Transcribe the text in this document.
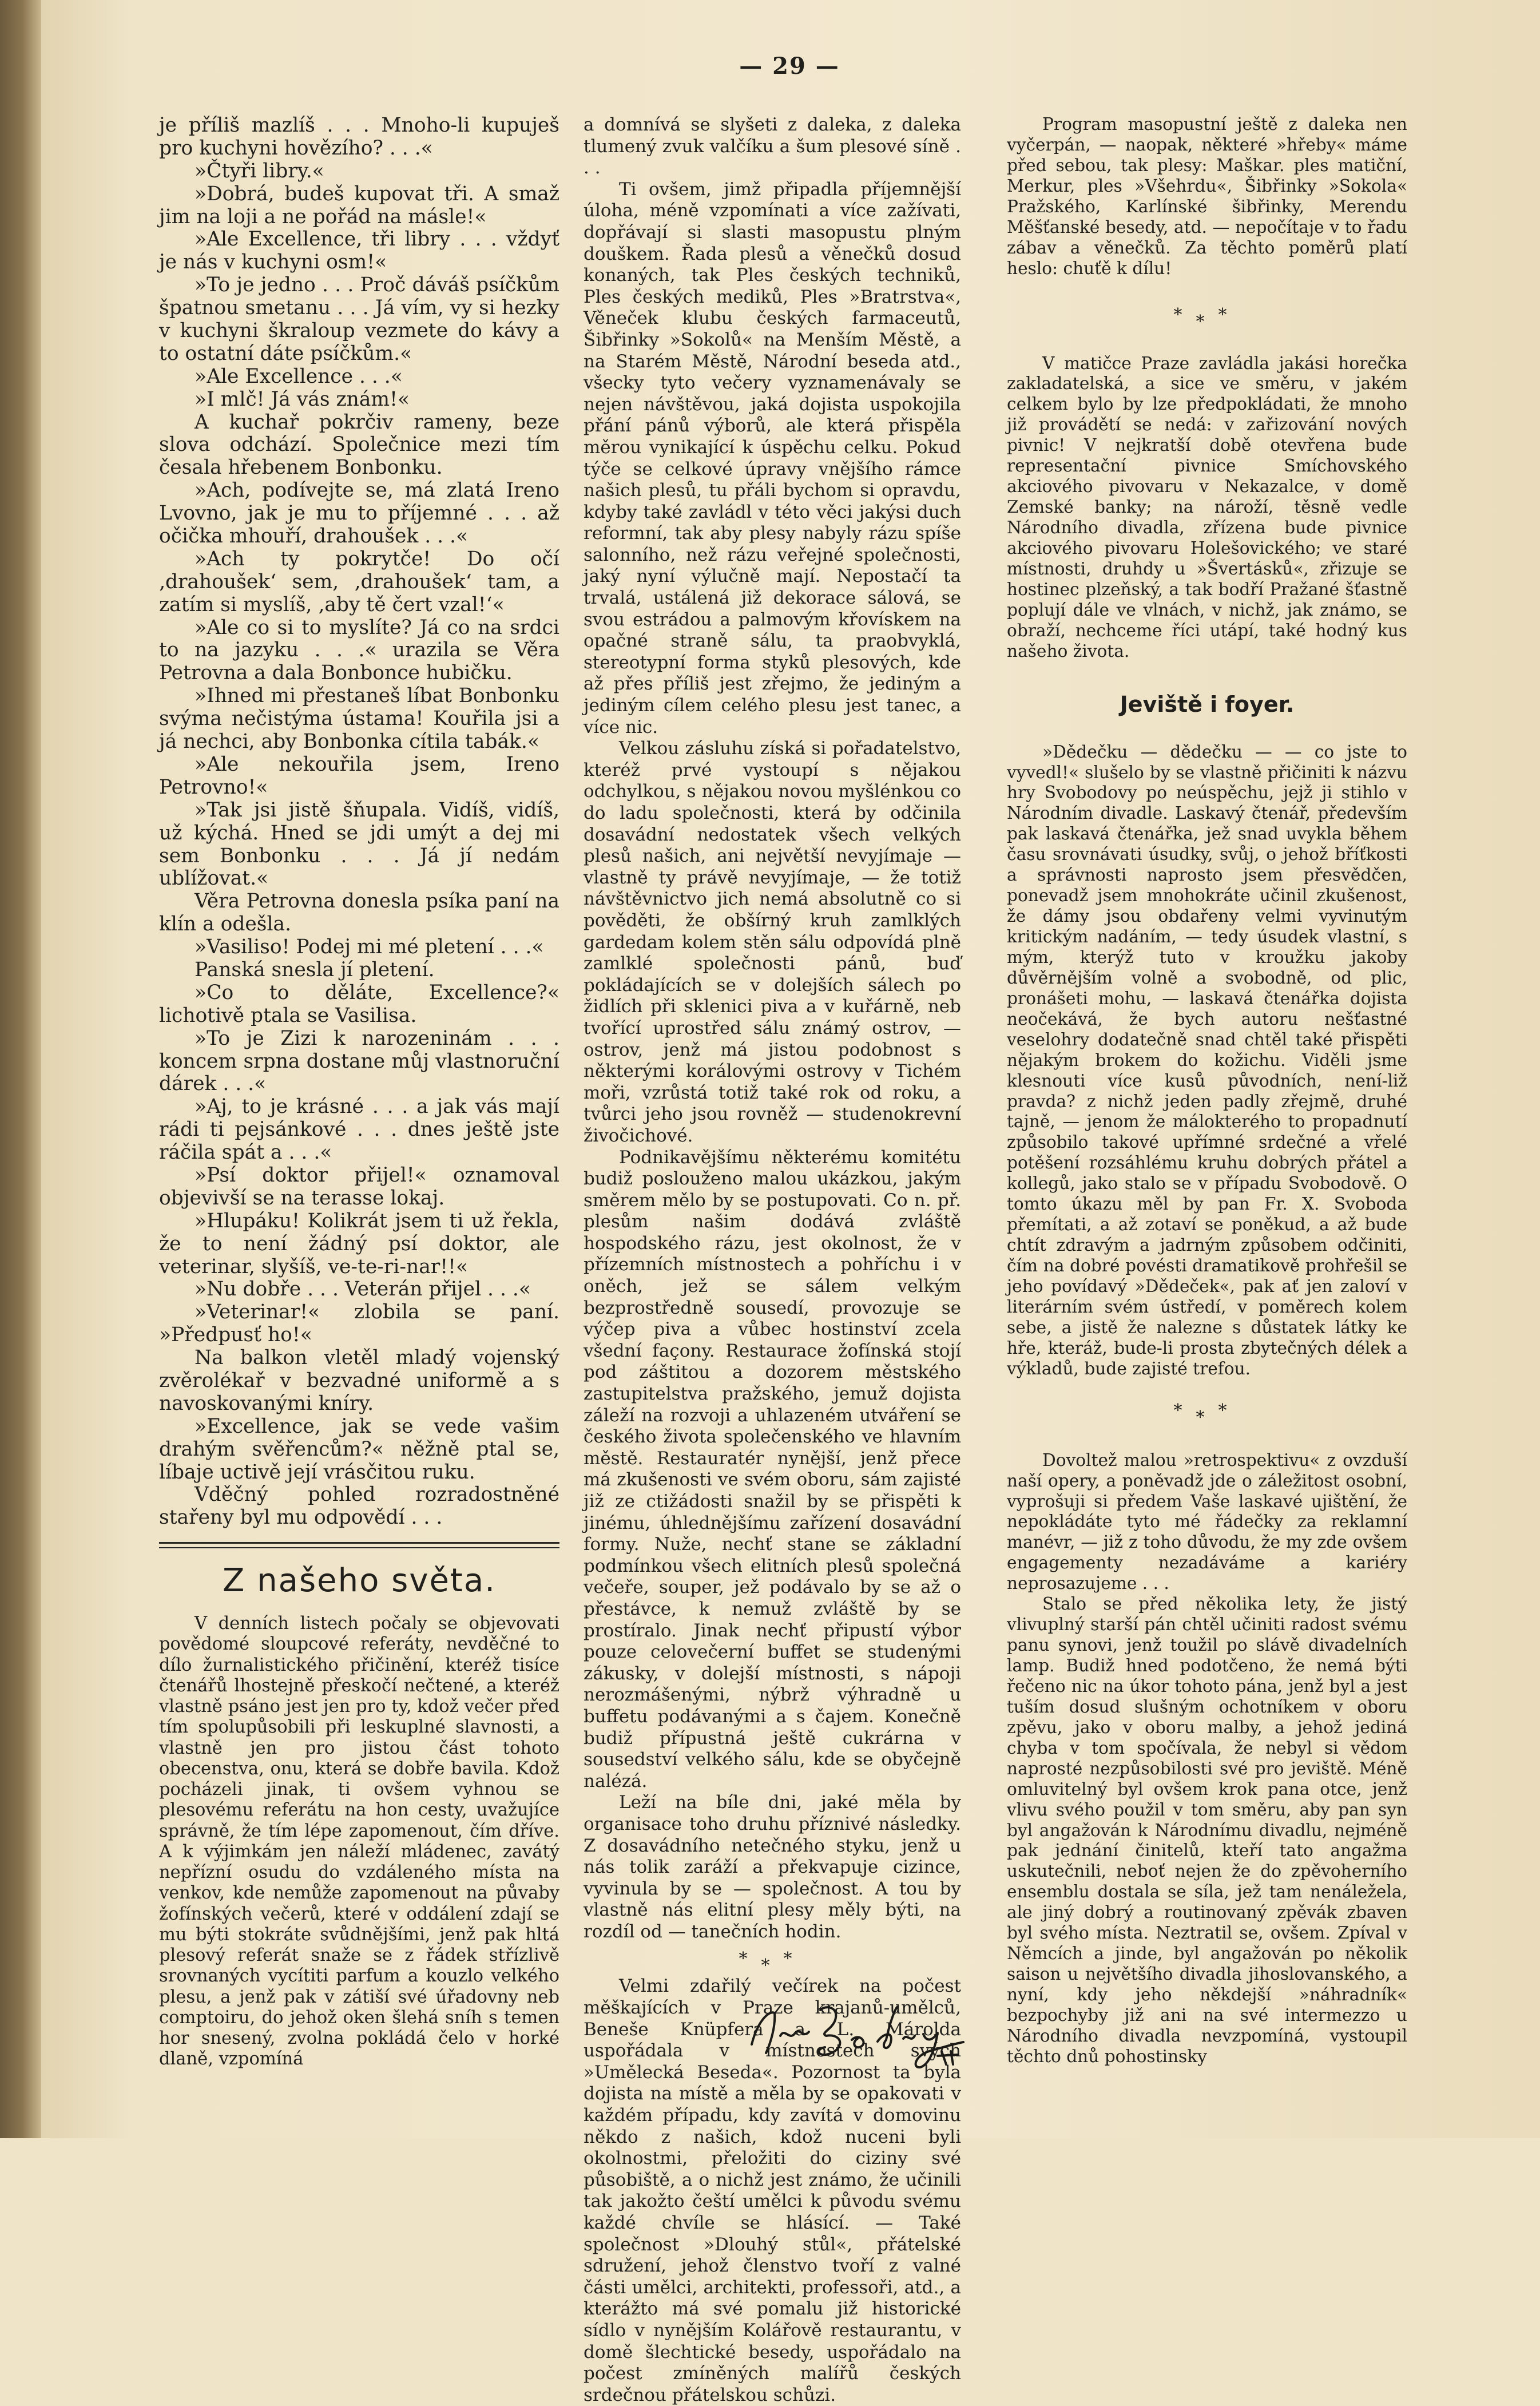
— 29 —

je příliš mazlíš . . . Mnoho-li kupuješ pro kuchyni hovězího? . . .«

»Čtyři libry.«

»Dobrá, budeš kupovat tři. A smaž jim na loji a ne pořád na másle!«

»Ale Excellence, tři libry . . . vždyť je nás v kuchyni osm!«

»To je jedno . . . Proč dáváš psíčkům špatnou smetanu . . . Já vím, vy si hezky v kuchyni škraloup vezmete do kávy a to ostatní dáte psíčkům.«

»Ale Excellence . . .«

»I mlč! Já vás znám!«

A kuchař pokrčiv rameny, beze slova odchází. Společnice mezi tím česala hřebenem Bonbonku.

»Ach, podívejte se, má zlatá Ireno Lvovno, jak je mu to příjemné . . . až očička mhouří, drahoušek . . .«

»Ach ty pokrytče! Do očí ‚drahoušek‘ sem, ‚drahoušek‘ tam, a zatím si myslíš, ‚aby tě čert vzal!‘«

»Ale co si to myslíte? Já co na srdci to na jazyku . . .« urazila se Věra Petrovna a dala Bonbonce hubičku.

»Ihned mi přestaneš líbat Bonbonku svýma nečistýma ústama! Kouřila jsi a já nechci, aby Bonbonka cítila tabák.«

»Ale nekouřila jsem, Ireno Petrovno!«

»Tak jsi jistě šňupala. Vidíš, vidíš, už kýchá. Hned se jdi umýt a dej mi sem Bonbonku . . . Já jí nedám ublížovat.«

Věra Petrovna donesla psíka paní na klín a odešla.

»Vasiliso! Podej mi mé pletení . . .«

Panská snesla jí pletení.

»Co to děláte, Excellence?« lichotivě ptala se Vasilisa.

»To je Zizi k narozeninám . . . koncem srpna dostane můj vlastnoruční dárek . . .«

»Aj, to je krásné . . . a jak vás mají rádi ti pejsánkové . . . dnes ještě jste ráčila spát a . . .«

»Psí doktor přijel!« oznamoval objevivší se na terasse lokaj.

»Hlupáku! Kolikrát jsem ti už řekla, že to není žádný psí doktor, ale veterinar, slyšíš, ve-te-ri-nar!!«

»Nu dobře . . . Veterán přijel . . .«

»Veterinar!« zlobila se paní. »Předpusť ho!«

Na balkon vletěl mladý vojenský zvěrolékař v bezvadné uniformě a s navoskovanými kníry.

»Excellence, jak se vede vašim drahým svěřencům?« něžně ptal se, líbaje uctivě její vrásčitou ruku.

Vděčný pohled rozradostněné stařeny byl mu odpovědí . . .

Z našeho světa.

V denních listech počaly se objevovati povědomé sloupcové referáty, nevděčné to dílo žurnalistického přičinění, kteréž tisíce čtenářů lhostejně přeskočí nečtené, a kteréž vlastně psáno jest jen pro ty, kdož večer před tím spolupůsobili při leskuplné slavnosti, a vlastně jen pro jistou část tohoto obecenstva, onu, která se dobře bavila. Kdož pocházeli jinak, ti ovšem vyhnou se plesovému referátu na hon cesty, uvažujíce správně, že tím lépe zapomenout, čím dříve. A k výjimkám jen náleží mládenec, zavátý nepřízní osudu do vzdáleného místa na venkov, kde nemůže zapomenout na půvaby žofínských večerů, které v oddálení zdají se mu býti stokráte svůdnějšími, jenž pak hltá plesový referát snaže se z řádek střízlivě srovnaných vycítiti parfum a kouzlo velkého plesu, a jenž pak v zátiší své úřadovny neb comptoiru, do jehož oken šlehá sníh s temen hor snesený, zvolna pokládá čelo v horké dlaně, vzpomíná

a domnívá se slyšeti z daleka, z daleka tlumený zvuk valčíku a šum plesové síně . . .

Ti ovšem, jimž připadla příjemnější úloha, méně vzpomínati a více zažívati, dopřávají si slasti masopustu plným douškem. Řada plesů a věnečků dosud konaných, tak Ples českých techniků, Ples českých mediků, Ples »Bratrstva«, Věneček klubu českých farmaceutů, Šibřinky »Sokolů« na Menším Městě, a na Starém Městě, Národní beseda atd., všecky tyto večery vyznamenávaly se nejen návštěvou, jaká dojista uspokojila přání pánů výborů, ale která přispěla měrou vynikající k úspěchu celku. Pokud týče se celkové úpravy vnějšího rámce našich plesů, tu přáli bychom si opravdu, kdyby také zavládl v této věci jakýsi duch reformní, tak aby plesy nabyly rázu spíše salonního, než rázu veřejné společnosti, jaký nyní výlučně mají. Nepostačí ta trvalá, ustálená již dekorace sálová, se svou estrádou a palmovým křovískem na opačné straně sálu, ta praobvyklá, stereotypní forma styků plesových, kde až přes příliš jest zřejmo, že jediným a jediným cílem celého plesu jest tanec, a více nic.

Velkou zásluhu získá si pořadatelstvo, kteréž prvé vystoupí s nějakou odchylkou, s nějakou novou myšlénkou co do ladu společnosti, která by odčinila dosavádní nedostatek všech velkých plesů našich, ani největší nevyjímaje — vlastně ty právě nevyjímaje, — že totiž návštěvnictvo jich nemá absolutně co si pověděti, že obšírný kruh zamlklých gardedam kolem stěn sálu odpovídá plně zamlklé společnosti pánů, buď pokládajících se v dolejších sálech po židlích při sklenici piva a v kuřárně, neb tvořící uprostřed sálu známý ostrov, — ostrov, jenž má jistou podobnost s některými korálovými ostrovy v Tichém moři, vzrůstá totiž také rok od roku, a tvůrci jeho jsou rovněž — studenokrevní živočichové.

Podnikavějšímu některému komitétu budiž poslouženo malou ukázkou, jakým směrem mělo by se postupovati. Co n. př. plesům našim dodává zvláště hospodského rázu, jest okolnost, že v přízemních místnostech a pohříchu i v oněch, jež se sálem velkým bezprostředně sousedí, provozuje se výčep piva a vůbec hostinství zcela všední façony. Restaurace žofínská stojí pod záštitou a dozorem městského zastupitelstva pražského, jemuž dojista záleží na rozvoji a uhlazeném utváření se českého života společenského ve hlavním městě. Restauratér nynější, jenž přece má zkušenosti ve svém oboru, sám zajisté již ze ctižádosti snažil by se přispěti k jinému, úhlednějšímu zařízení dosavádní formy. Nuže, nechť stane se základní podmínkou všech elitních plesů společná večeře, souper, jež podávalo by se až o přestávce, k nemuž zvláště by se prostíralo. Jinak nechť připustí výbor pouze celovečerní buffet se studenými zákusky, v dolejší místnosti, s nápoji nerozmášenými, nýbrž výhradně u buffetu podávanými a s čajem. Konečně budiž přípustná ještě cukrárna v sousedství velkého sálu, kde se obyčejně nalézá.

Leží na bíle dni, jaké měla by organisace toho druhu příznivé následky. Z dosavádního netečného styku, jenž u nás tolik zaráží a překvapuje cizince, vyvinula by se — společnost. A tou by vlastně nás elitní plesy měly býti, na rozdíl od — tanečních hodin.

***

Velmi zdařilý večírek na počest měškajících v Praze krajanů-umělců, Beneše Knüpfera a L. Márolda uspořádala v místnostech svých »Umělecká Beseda«. Pozornost ta byla dojista na místě a měla by se opakovati v každém případu, kdy zavítá v domovinu někdo z našich, kdož nuceni byli okolnostmi, přeložiti do ciziny své působiště, a o nichž jest známo, že učinili tak jakožto čeští umělci k původu svému každé chvíle se hlásící. — Také společnost »Dlouhý stůl«, přátelské sdružení, jehož členstvo tvoří z valné části umělci, architekti, professoři, atd., a kterážto má své pomalu již historické sídlo v nynějším Kolářově restaurantu, v domě šlechtické besedy, uspořádalo na počest zmíněných malířů českých srdečnou přátelskou schůzi.

Program masopustní ještě z daleka nen vyčerpán, — naopak, některé »hřeby« máme před sebou, tak plesy: Maškar. ples matiční, Merkur, ples »Všehrdu«, Šibřinky »Sokola« Pražského, Karlínské šibřinky, Merendu Měšťanské besedy, atd. — nepočítaje v to řadu zábav a věnečků. Za těchto poměrů platí heslo: chuťě k dílu!

***

V matičce Praze zavládla jakási horečka zakladatelská, a sice ve směru, v jakém celkem bylo by lze předpokládati, že mnoho již provádětí se nedá: v zařizování nových pivnic! V nejkratší době otevřena bude representační pivnice Smíchovského akciového pivovaru v Nekazalce, v domě Zemské banky; na nároží, těsně vedle Národního divadla, zřízena bude pivnice akciového pivovaru Holešovického; ve staré místnosti, druhdy u »Švertásků«, zřizuje se hostinec plzeňský, a tak bodří Pražané šťastně poplují dále ve vlnách, v nichž, jak známo, se obraží, nechceme říci utápí, také hodný kus našeho života.

Jeviště i foyer.

»Dědečku — dědečku — — co jste to vyvedl!« slušelo by se vlastně přičiniti k názvu hry Svobodovy po neúspěchu, jejž ji stihlo v Národním divadle. Laskavý čtenář, především pak laskavá čtenářka, jež snad uvykla během času srovnávati úsudky, svůj, o jehož bříťkosti a správnosti naprosto jsem přesvědčen, ponevadž jsem mnohokráte učinil zkušenost, že dámy jsou obdařeny velmi vyvinutým kritickým nadáním, — tedy úsudek vlastní, s mým, kterýž tuto v kroužku jakoby důvěrnějším volně a svobodně, od plic, pronášeti mohu, — laskavá čtenářka dojista neočekává, že bych autoru nešťastné veselohry dodatečně snad chtěl také přispěti nějakým brokem do kožichu. Viděli jsme klesnouti více kusů původních, není-liž pravda? z nichž jeden padly zřejmě, druhé tajně, — jenom že málokterého to propadnutí způsobilo takové upřímné srdečné a vřelé potěšení rozsáhlému kruhu dobrých přátel a kollegů, jako stalo se v případu Svobodově. O tomto úkazu měl by pan Fr. X. Svoboda přemítati, a až zotaví se poněkud, a až bude chtít zdravým a jadrným způsobem odčiniti, čím na dobré povésti dramatikově prohřešil se jeho povídavý »Dědeček«, pak ať jen zaloví v literárním svém ústředí, v poměrech kolem sebe, a jistě že nalezne s důstatek látky ke hře, kteráž, bude-li prosta zbytečných délek a výkladů, bude zajisté trefou.

***

Dovoltež malou »retrospektivu« z ovzduší naší opery, a poněvadž jde o záležitost osobní, vyprošuji si předem Vaše laskavé ujištění, že nepokládáte tyto mé řádečky za reklamní manévr, — již z toho důvodu, že my zde ovšem engagementy nezadáváme a kariéry neprosazujeme . . .

Stalo se před několika lety, že jistý vlivuplný starší pán chtěl učiniti radost svému panu synovi, jenž toužil po slávě divadelních lamp. Budiž hned podotčeno, že nemá býti řečeno nic na úkor tohoto pána, jenž byl a jest tuším dosud slušným ochotníkem v oboru zpěvu, jako v oboru malby, a jehož jediná chyba v tom spočívala, že nebyl si vědom naprosté nezpůsobilosti své pro jeviště. Méně omluvitelný byl ovšem krok pana otce, jenž vlivu svého použil v tom směru, aby pan syn byl angažován k Národnímu divadlu, nejméně pak jednání činitelů, kteří tato angažma uskutečnili, neboť nejen že do zpěvoherního ensemblu dostala se síla, jež tam nenáležela, ale jiný dobrý a routinovaný zpěvák zbaven byl svého místa. Neztratil se, ovšem. Zpíval v Němcích a jinde, byl angažován po několik saison u největšího divadla jihoslovanského, a nyní, kdy jeho někdejší »náhradník« bezpochyby již ani na své intermezzo u Národního divadla nevzpomíná, vystoupil těchto dnů pohostinsky
